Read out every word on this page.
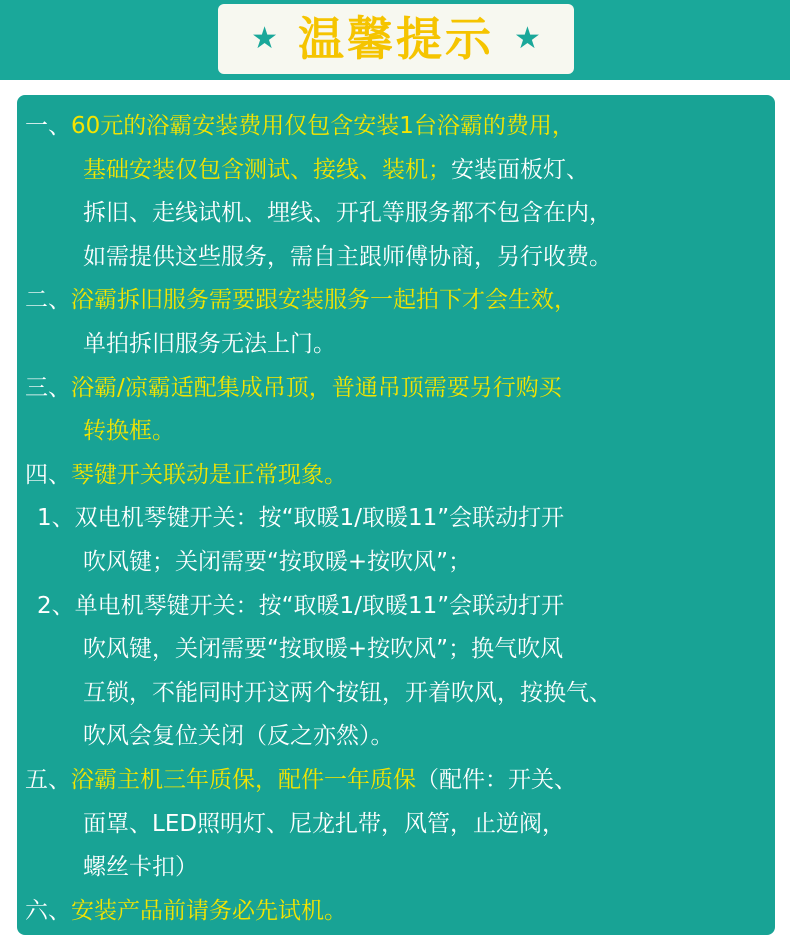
★ 温馨提示 ★
一、 60元的浴霸安装费用仅包含安装1台浴霸的费用，
基础安装仅包含测试、接线、装机； 安装面板灯、
拆旧、走线试机、埋线、开孔等服务都不包含在内，
如需提供这些服务，需自主跟师傅协商，另行收费。
二、 浴霸拆旧服务需要跟安装服务一起拍下才会生效，
单拍拆旧服务无法上门。
三、 浴霸/凉霸适配集成吊顶，普通吊顶需要另行购买
转换框。
四、 琴键开关联动是正常现象。
1、 双电机琴键开关：按“取暖1/取暖11”会联动打开
吹风键；关闭需要“按取暖+按吹风”；
2、 单电机琴键开关：按“取暖1/取暖11”会联动打开
吹风键，关闭需要“按取暖+按吹风”；换气吹风
互锁，不能同时开这两个按钮，开着吹风，按换气、
吹风会复位关闭（反之亦然）。
五、 浴霸主机三年质保，配件一年质保 （配件：开关、
面罩、LED照明灯、尼龙扎带，风管，止逆阀，
螺丝卡扣）
六、 安装产品前请务必先试机。
